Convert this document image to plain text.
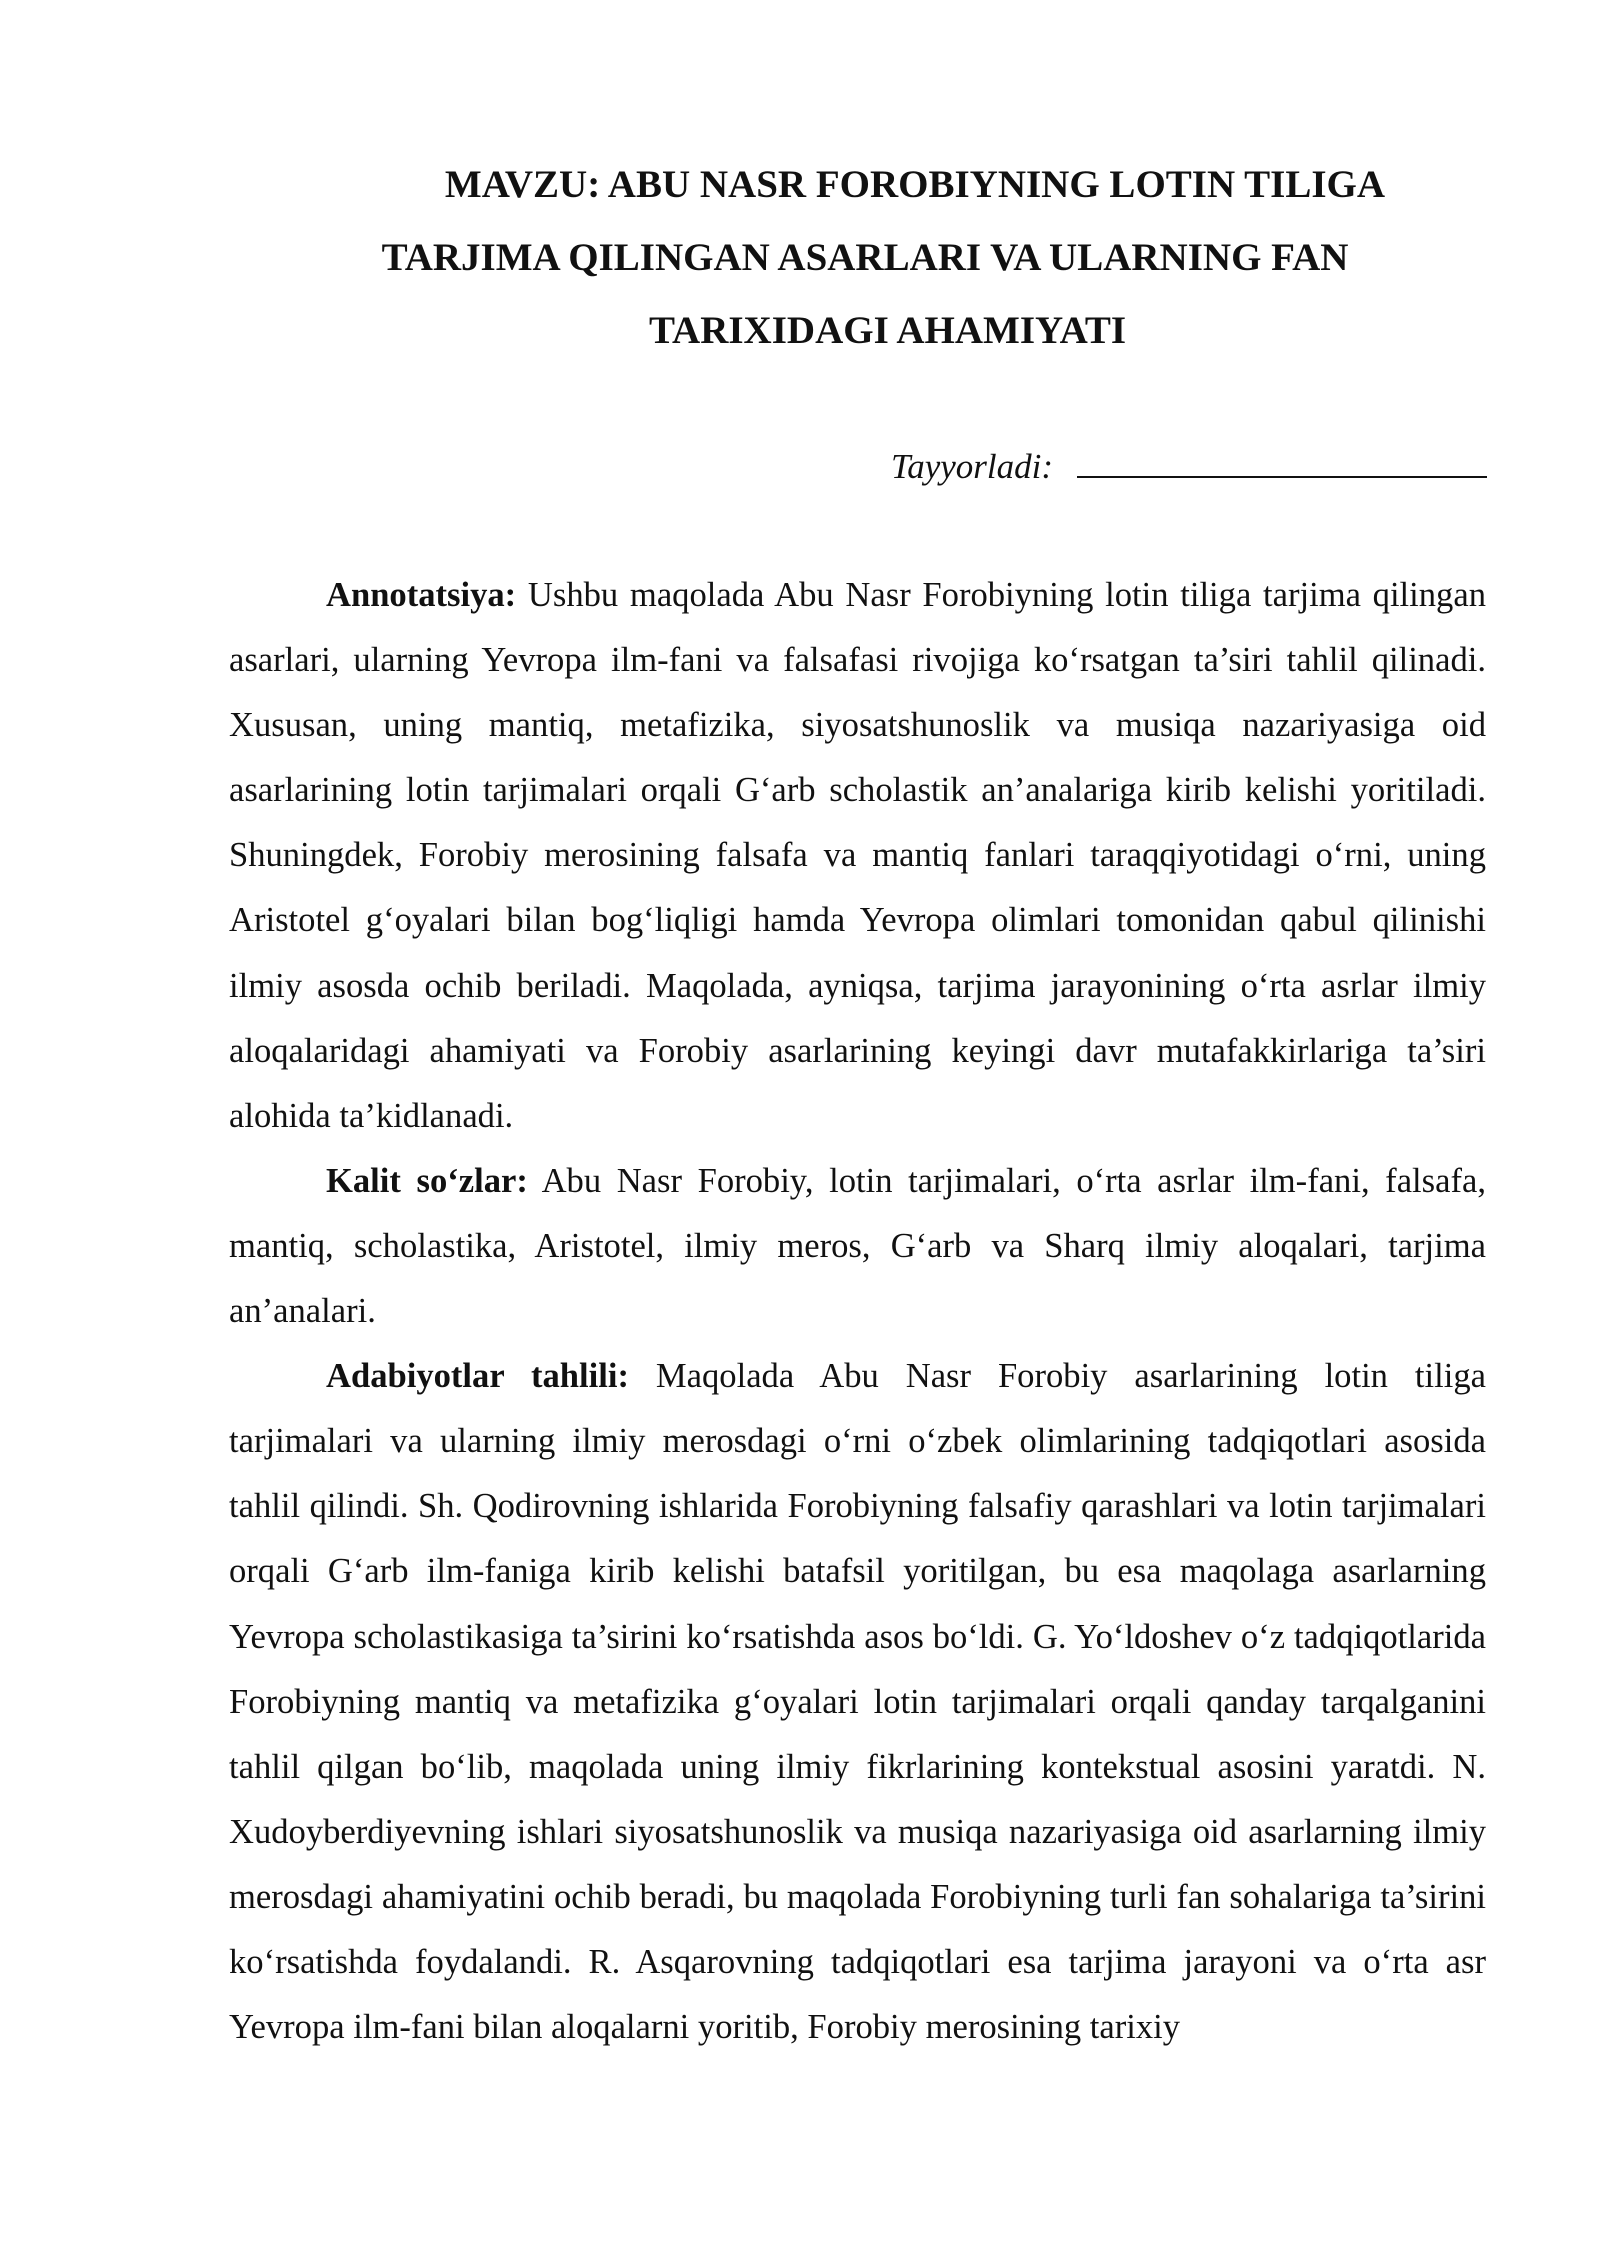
MAVZU: ABU NASR FOROBIYNING LOTIN TILIGA
TARJIMA QILINGAN ASARLARI VA ULARNING FAN
TARIXIDAGI AHAMIYATI
Tayyorladi:

Annotatsiya: Ushbu maqolada Abu Nasr Forobiyning lotin tiliga tarjima qilingan asarlari, ularning Yevropa ilm-fani va falsafasi rivojiga ko‘rsatgan ta’siri tahlil qilinadi. Xususan, uning mantiq, metafizika, siyosatshunoslik va musiqa nazariyasiga oid asarlarining lotin tarjimalari orqali G‘arb scholastik an’analariga kirib kelishi yoritiladi. Shuningdek, Forobiy merosining falsafa va mantiq fanlari taraqqiyotidagi o‘rni, uning Aristotel g‘oyalari bilan bog‘liqligi hamda Yevropa olimlari tomonidan qabul qilinishi ilmiy asosda ochib beriladi. Maqolada, ayniqsa, tarjima jarayonining o‘rta asrlar ilmiy aloqalaridagi ahamiyati va Forobiy asarlarining keyingi davr mutafakkirlariga ta’siri alohida ta’kidlanadi.

Kalit so‘zlar: Abu Nasr Forobiy, lotin tarjimalari, o‘rta asrlar ilm-fani, falsafa, mantiq, scholastika, Aristotel, ilmiy meros, G‘arb va Sharq ilmiy aloqalari, tarjima an’analari.

Adabiyotlar tahlili: Maqolada Abu Nasr Forobiy asarlarining lotin tiliga tarjimalari va ularning ilmiy merosdagi o‘rni o‘zbek olimlarining tadqiqotlari asosida tahlil qilindi. Sh. Qodirovning ishlarida Forobiyning falsafiy qarashlari va lotin tarjimalari orqali G‘arb ilm-faniga kirib kelishi batafsil yoritilgan, bu esa maqolaga asarlarning Yevropa scholastikasiga ta’sirini ko‘rsatishda asos bo‘ldi. G. Yo‘ldoshev o‘z tadqiqotlarida Forobiyning mantiq va metafizika g‘oyalari lotin tarjimalari orqali qanday tarqalganini tahlil qilgan bo‘lib, maqolada uning ilmiy fikrlarining kontekstual asosini yaratdi. N. Xudoyberdiyevning ishlari siyosatshunoslik va musiqa nazariyasiga oid asarlarning ilmiy merosdagi ahamiyatini ochib beradi, bu maqolada Forobiyning turli fan sohalariga ta’sirini ko‘rsatishda foydalandi. R. Asqarovning tadqiqotlari esa tarjima jarayoni va o‘rta asr Yevropa ilm-fani bilan aloqalarni yoritib, Forobiy merosining tarixiy
